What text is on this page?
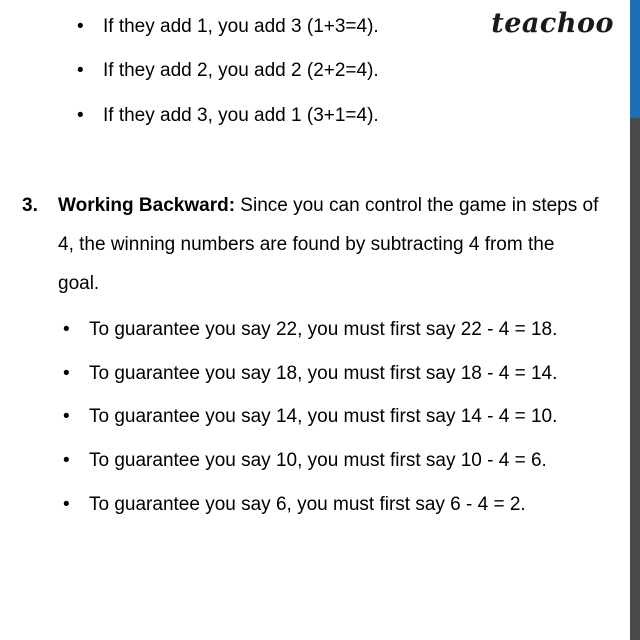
teachoo
• If they add 1, you add 3 (1+3=4).
• If they add 2, you add 2 (2+2=4).
• If they add 3, you add 1 (3+1=4).
3. Working Backward: Since you can control the game in steps of
4, the winning numbers are found by subtracting 4 from the
goal.
• To guarantee you say 22, you must first say 22 - 4 = 18.
• To guarantee you say 18, you must first say 18 - 4 = 14.
• To guarantee you say 14, you must first say 14 - 4 = 10.
• To guarantee you say 10, you must first say 10 - 4 = 6.
• To guarantee you say 6, you must first say 6 - 4 = 2.
